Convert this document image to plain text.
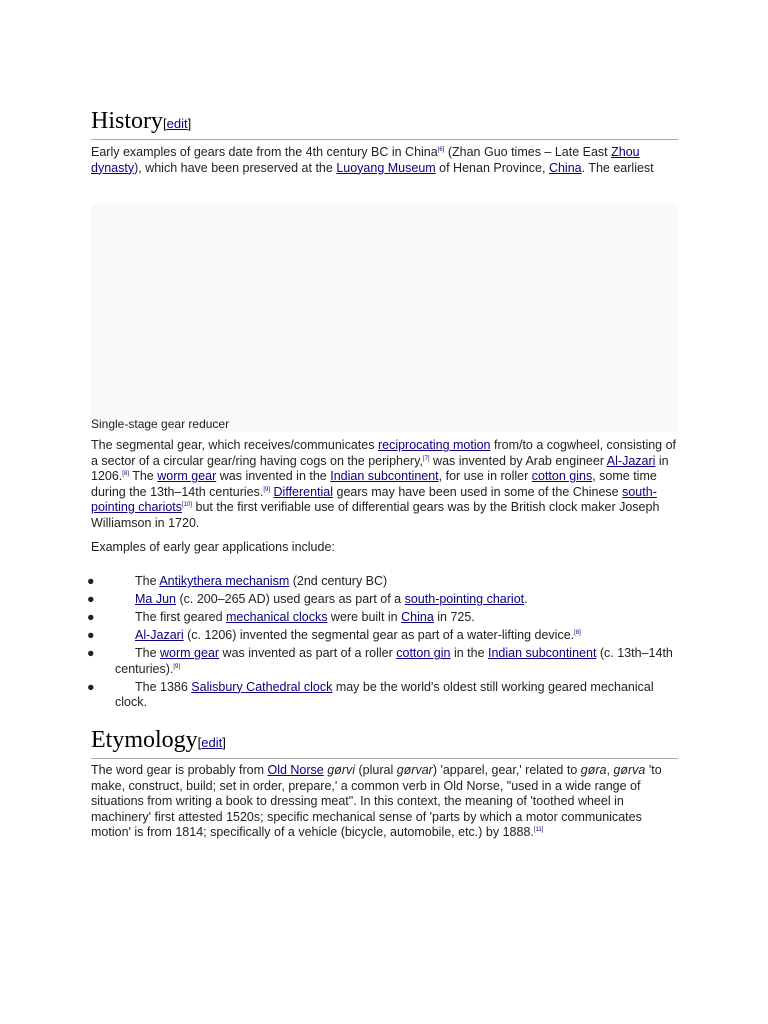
History[edit]

Early examples of gears date from the 4th century BC in China[6] (Zhan Guo times – Late East Zhou dynasty), which have been preserved at the Luoyang Museum of Henan Province, China. The earliest

Single-stage gear reducer

The segmental gear, which receives/communicates reciprocating motion from/to a cogwheel, consisting of a sector of a circular gear/ring having cogs on the periphery,[7] was invented by Arab engineer Al-Jazari in 1206.[8] The worm gear was invented in the Indian subcontinent, for use in roller cotton gins, some time during the 13th–14th centuries.[9] Differential gears may have been used in some of the Chinese south-pointing chariots[10] but the first verifiable use of differential gears was by the British clock maker Joseph Williamson in 1720.

Examples of early gear applications include:

●	The Antikythera mechanism (2nd century BC)
●	Ma Jun (c. 200–265 AD) used gears as part of a south-pointing chariot.
●	The first geared mechanical clocks were built in China in 725.
●	Al-Jazari (c. 1206) invented the segmental gear as part of a water-lifting device.[8]
●	The worm gear was invented as part of a roller cotton gin in the Indian subcontinent (c. 13th–14th centuries).[9]
●	The 1386 Salisbury Cathedral clock may be the world's oldest still working geared mechanical clock.
Etymology[edit]

The word gear is probably from Old Norse gørvi (plural gørvar) 'apparel, gear,' related to gøra, gørva 'to make, construct, build; set in order, prepare,' a common verb in Old Norse, "used in a wide range of situations from writing a book to dressing meat". In this context, the meaning of 'toothed wheel in machinery' first attested 1520s; specific mechanical sense of 'parts by which a motor communicates motion' is from 1814; specifically of a vehicle (bicycle, automobile, etc.) by 1888.[11]
